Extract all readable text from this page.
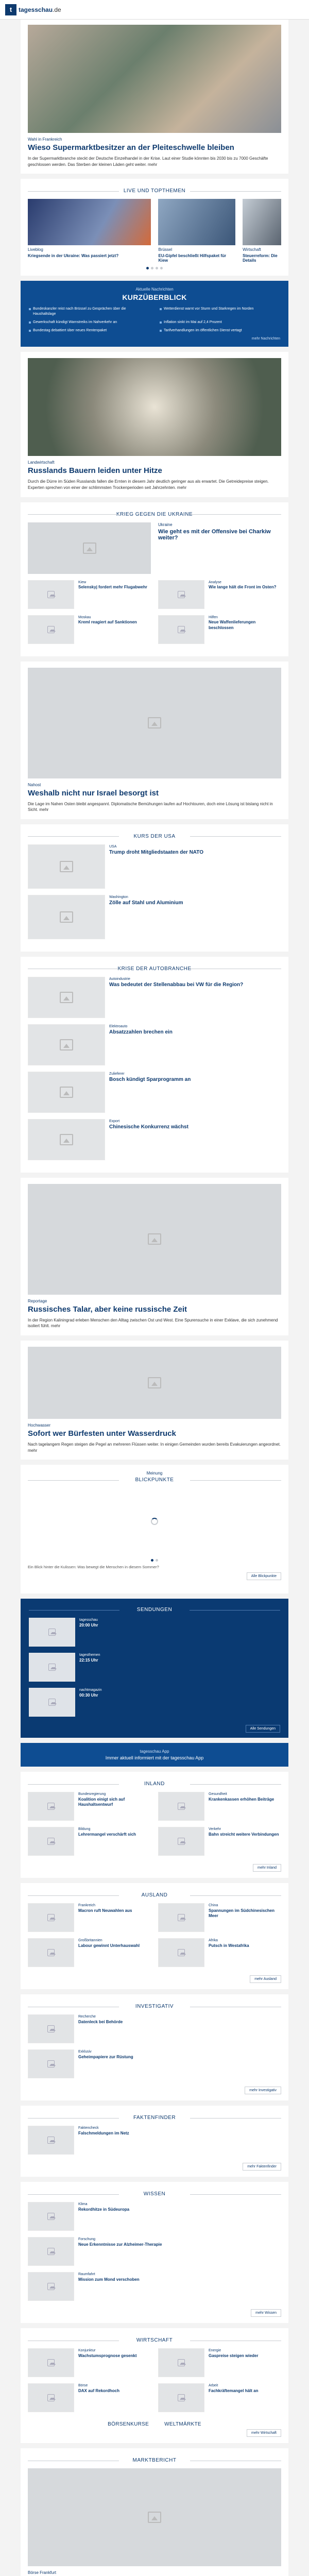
t	tagesschau.de
Wahl in Frankreich
Wieso Supermarktbesitzer an der Pleiteschwelle bleiben
In der Supermarktbranche steckt der Deutsche Einzelhandel in der Krise. Laut einer Studie könnten bis 2030 bis zu 7000 Geschäfte geschlossen werden. Das Sterben der kleinen Läden geht weiter. mehr
LIVE UND TOPTHEMEN
Liveblog
Kriegsende in der Ukraine: Was passiert jetzt?
Brüssel
EU-Gipfel beschließt Hilfspaket für Kiew
Wirtschaft
Steuerreform: Die Details
Aktuelle Nachrichten
KURZÜBERBLICK
Bundeskanzler reist nach Brüssel zu Gesprächen über die Haushaltslage
Wetterdienst warnt vor Sturm und Starkregen im Norden
Gewerkschaft kündigt Warnstreiks im Nahverkehr an	Inflation sinkt im Mai auf 2,4 Prozent
Bundestag debattiert über neues Rentenpaket	Tarifverhandlungen im öffentlichen Dienst vertagt
mehr Nachrichten
Landwirtschaft
Russlands Bauern leiden unter Hitze
Durch die Dürre im Süden Russlands fallen die Ernten in diesem Jahr deutlich geringer aus als erwartet. Die Getreidepreise steigen. Experten sprechen von einer der schlimmsten Trockenperioden seit Jahrzehnten. mehr
KRIEG GEGEN DIE UKRAINE
Ukraine
Wie geht es mit der Offensive bei Charkiw weiter?
Kiew
Selenskyj fordert mehr Flugabwehr
Moskau
Kreml reagiert auf Sanktionen
Analyse
Wie lange hält die Front im Osten?
Hilfen
Neue Waffenlieferungen beschlossen
Nahost
Weshalb nicht nur Israel besorgt ist
Die Lage im Nahen Osten bleibt angespannt. Diplomatische Bemühungen laufen auf Hochtouren, doch eine Lösung ist bislang nicht in Sicht. mehr
KURS DER USA
USA
Trump droht Mitgliedstaaten der NATO
Washington
Zölle auf Stahl und Aluminium
KRISE DER AUTOBRANCHE
Autoindustrie
Was bedeutet der Stellenabbau bei VW für die Region?
Elektroauto
Absatzzahlen brechen ein
Zulieferer
Bosch kündigt Sparprogramm an
Export
Chinesische Konkurrenz wächst
Reportage
Russisches Talar, aber keine russische Zeit
In der Region Kaliningrad erleben Menschen den Alltag zwischen Ost und West. Eine Spurensuche in einer Exklave, die sich zunehmend isoliert fühlt. mehr
Hochwasser
Sofort wer Bürfesten unter Wasserdruck
Nach tagelangem Regen steigen die Pegel an mehreren Flüssen weiter. In einigen Gemeinden wurden bereits Evakuierungen angeordnet. mehr
Meinung
BLICKPUNKTE
Ein Blick hinter die Kulissen: Was bewegt die Menschen in diesem Sommer?
Alle Blickpunkte
SENDUNGEN
tagesschau
20:00 Uhr
tagesthemen
22:15 Uhr
nachtmagazin
00:30 Uhr
Alle Sendungen
tagesschau App
Immer aktuell informiert mit der tagesschau App
INLAND
Bundesregierung
Koalition einigt sich auf Haushaltsentwurf
Bildung
Lehrermangel verschärft sich
Gesundheit
Krankenkassen erhöhen Beiträge
Verkehr
Bahn streicht weitere Verbindungen
mehr Inland
AUSLAND
Frankreich
Macron ruft Neuwahlen aus
Großbritannien
Labour gewinnt Unterhauswahl
China
Spannungen im Südchinesischen Meer
Afrika
Putsch in Westafrika
mehr Ausland
INVESTIGATIV
Recherche
Datenleck bei Behörde
Exklusiv
Geheimpapiere zur Rüstung
mehr Investigativ
FAKTENFINDER
Faktencheck
Falschmeldungen im Netz
mehr Faktenfinder
WISSEN
Klima
Rekordhitze in Südeuropa
Forschung
Neue Erkenntnisse zur Alzheimer-Therapie
Raumfahrt
Mission zum Mond verschoben
mehr Wissen
WIRTSCHAFT
Konjunktur
Wachstumsprognose gesenkt
Börse
DAX auf Rekordhoch
Energie
Gaspreise steigen wieder
Arbeit
Fachkräftemangel hält an
BÖRSENKURSE	WELTMÄRKTE
mehr Wirtschaft
MARKTBERICHT
Börse Frankfurt
